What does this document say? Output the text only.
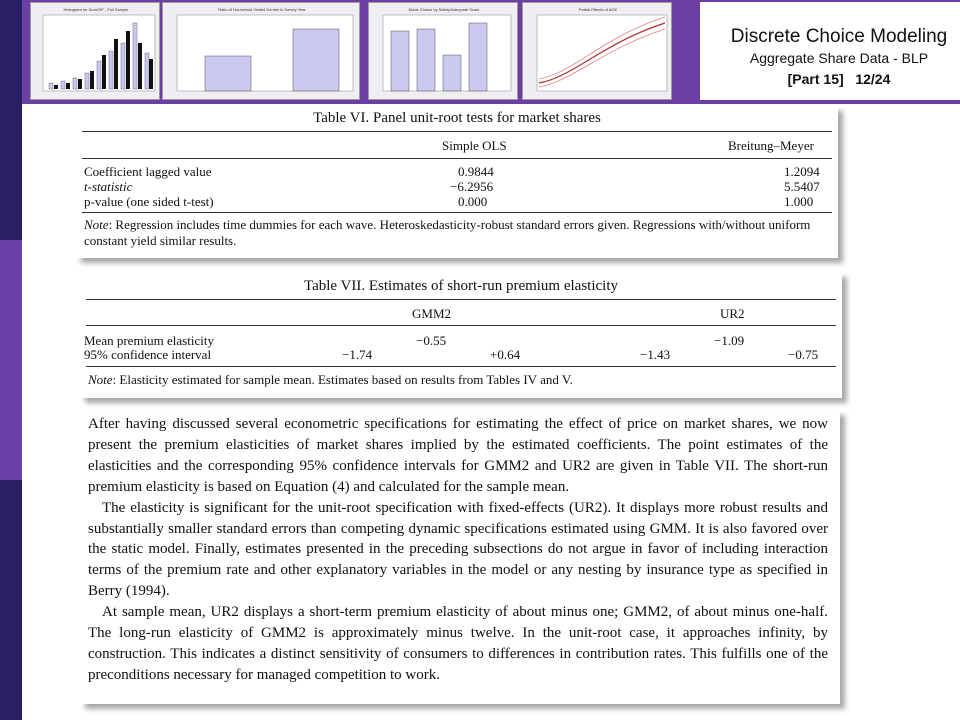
Histogram for NumOfF - Full Sample	Ratio of Household Visited Dentist in Survey Year	Mode Choice by Safety/Adequate Scale	Partial Effects of AGE
Discrete Choice Modeling
Aggregate Share Data - BLP
[Part 15] 12/24
Table VI. Panel unit-root tests for market shares
Simple OLS	Breitung–Meyer
Coefficient lagged value	0.9844	1.2094
t-statistic	−6.2956	5.5407
p-value (one sided t-test)	0.000	1.000
Note: Regression includes time dummies for each wave. Heteroskedasticity-robust standard errors given. Regressions with/without uniform constant yield similar results.
Table VII. Estimates of short-run premium elasticity
GMM2	UR2
Mean premium elasticity	−0.55	−1.09
95% confidence interval	−1.74	+0.64	−1.43	−0.75
Note: Elasticity estimated for sample mean. Estimates based on results from Tables IV and V.

After having discussed several econometric specifications for estimating the effect of price on market shares, we now present the premium elasticities of market shares implied by the estimated coefficients. The point estimates of the elasticities and the corresponding 95% confidence intervals for GMM2 and UR2 are given in Table VII. The short-run premium elasticity is based on Equation (4) and calculated for the sample mean.

The elasticity is significant for the unit-root specification with fixed-effects (UR2). It displays more robust results and substantially smaller standard errors than competing dynamic specifications estimated using GMM. It is also favored over the static model. Finally, estimates presented in the preceding subsections do not argue in favor of including interaction terms of the premium rate and other explanatory variables in the model or any nesting by insurance type as specified in Berry (1994).

At sample mean, UR2 displays a short-term premium elasticity of about minus one; GMM2, of about minus one-half. The long-run elasticity of GMM2 is approximately minus twelve. In the unit-root case, it approaches infinity, by construction. This indicates a distinct sensitivity of consumers to differences in contribution rates. This fulfills one of the preconditions necessary for managed competition to work.
